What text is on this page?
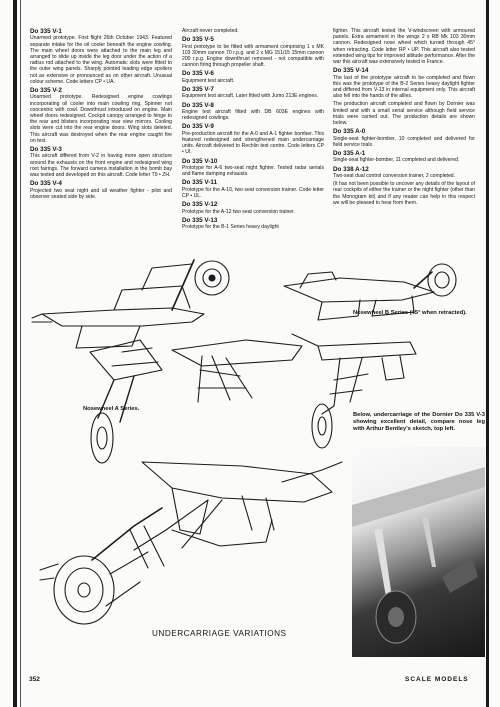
Do 335 V-1

Unarmed prototype. First flight 26th October 1943. Featured separate intake for the oil cooler beneath the engine cowling. The main wheel doors were attached to the main leg and arranged to slide up inside the leg door under the action of a radius rod attached to the wing. Automatic slots were fitted to the outer wing panels. Sharply pointed leading edge spoilers not as extensive or pronounced as on other aircraft. Unusual colour scheme. Code letters CP • UA.

Do 335 V-2

Unarmed prototype. Redesigned engine cowlings incorporating oil cooler into main cowling ring. Spinner not concentric with cowl. Downthrust introduced on engine. Main wheel doors redesigned. Cockpit canopy arranged to hinge to the rear and blisters incorporating rear view mirrors. Cooling slots were cut into the rear engine doors. Wing slots deleted. This aircraft was destroyed when the rear engine caught fire on test.

Do 335 V-3

This aircraft differed from V-2 in having more open structure around the exhausts on the front engine and redesigned wing root fairings. The forward camera installation in the bomb bay was tested and developed on this aircraft. Code letter T9 • ZH.

Do 335 V-4

Projected two seat night and all weather fighter - pilot and observer seated side by side.

Aircraft never completed.

Do 335 V-5

First prototype to be fitted with armament comprising 1 x MK 103 30mm cannon 70 r.p.g. and 2 x MG 151/15 15mm cannon 200 r.p.g. Engine downthrust removed - not compatible with cannon firing through propeller shaft.

Do 335 V-6

Equipment test aircraft.

Do 335 V-7

Equipment test aircraft. Later fitted with Jumo 213E engines.

Do 335 V-8

Engine test aircraft fitted with DB 603E engines with redesigned cowlings.

Do 335 V-9

Pre-production aircraft for the A-0 and A-1 fighter bomber. This featured redesigned and strengthened main undercarriage units. Aircraft delivered to Rechlin test centre. Code letters CP • UI.

Do 335 V-10

Prototype for A-6 two-seat night fighter. Tested radar aerials and flame damping exhausts.

Do 335 V-11

Prototype for the A-10, two seat conversion trainer. Code letter CP • UL.

Do 335 V-12

Prototype for the A-12 two seat conversion trainer.

Do 335 V-13

Prototype for the B-1 Series heavy daylight

fighter. This aircraft tested the V-windscreen with armoured panels. Extra armament in the wings 2 x RB Mk 103 30mm cannon. Redesigned nose wheel which turned through 45° when retracting. Code letter RP • UP. This aircraft also tested extended wing tips for improved altitude performance. After the war this aircraft was extensively tested in France.

Do 335 V-14

The last of the prototype aircraft to be completed and flown this was the prototype of the B-2 Series heavy daylight fighter and differed from V-13 in internal equipment only. This aircraft also fell into the hands of the allies.

The production aircraft completed and flown by Dornier was limited and with a small serial service although field service trials were carried out. The production details are shown below.

Do 335 A-0

Single-seat fighter-bomber, 10 completed and delivered for field service trials.

Do 335 A-1

Single-seat fighter-bomber, 11 completed and delivered.

Do 338 A-12

Two-seat dual control conversion trainer, 2 completed.

(It has not been possible to uncover any details of the layout of rear cockpits of either the trainer or the night fighter (other than the Monogram kit) and if any reader can help in this respect we will be pleased to hear from them.

Nosewheel B Series (45° when retracted).
Nosewheel A Series.
Below, undercarriage of the Dornier Do 335 V-3 showing excellent detail, compare nose leg with Arthur Bentley's sketch, top left.
UNDERCARRIAGE VARIATIONS
352	SCALE MODELS
